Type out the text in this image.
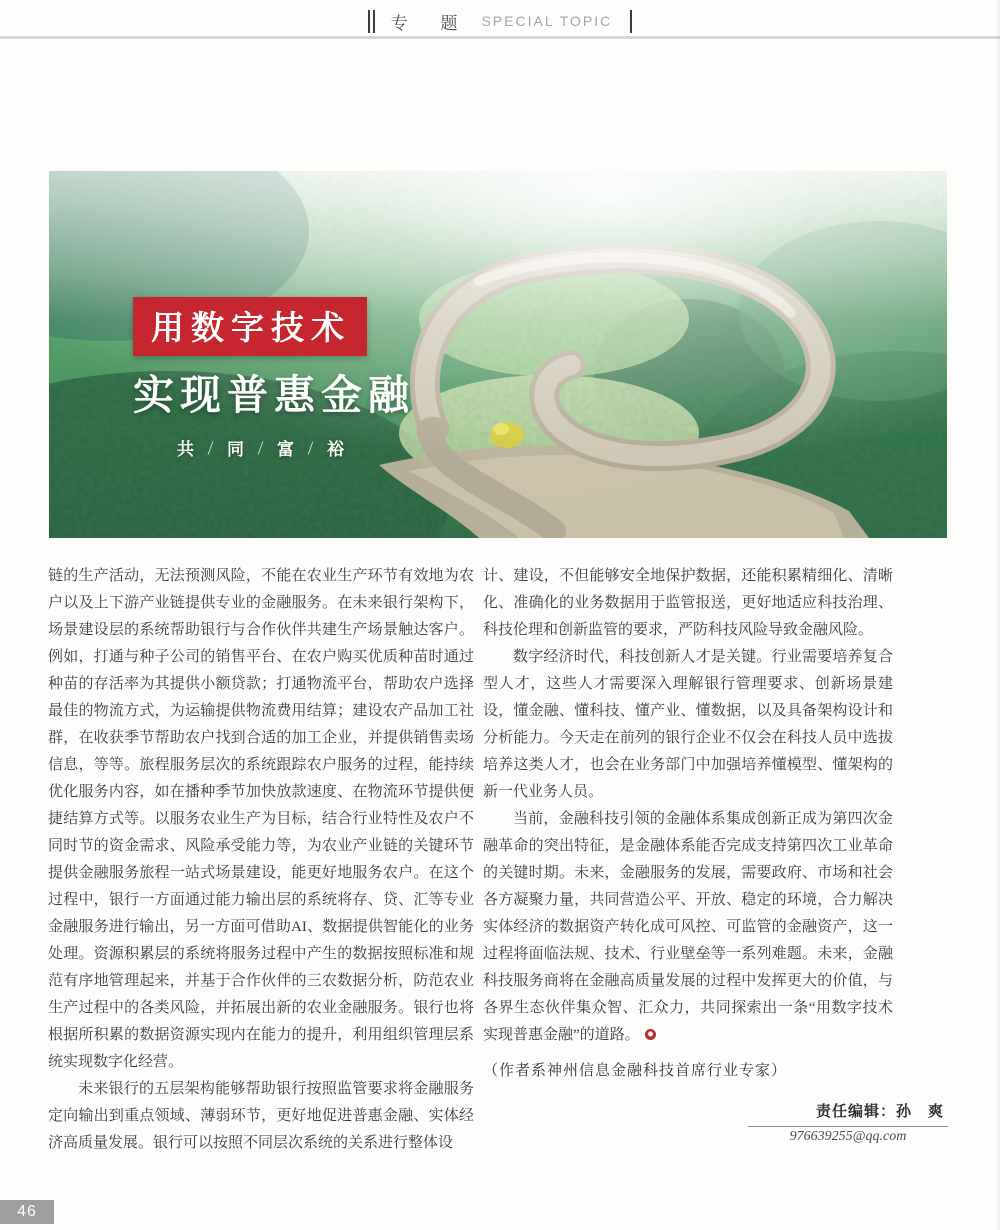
专 题 SPECIAL TOPIC
用数字技术
实现普惠金融
共 同 富 裕

链的生产活动，无法预测风险，不能在农业生产环节有效地为农户以及上下游产业链提供专业的金融服务。在未来银行架构下，场景建设层的系统帮助银行与合作伙伴共建生产场景触达客户。例如，打通与种子公司的销售平台、在农户购买优质种苗时通过种苗的存活率为其提供小额贷款；打通物流平台，帮助农户选择最佳的物流方式，为运输提供物流费用结算；建设农产品加工社群，在收获季节帮助农户找到合适的加工企业，并提供销售卖场信息，等等。旅程服务层次的系统跟踪农户服务的过程，能持续优化服务内容，如在播种季节加快放款速度、在物流环节提供便捷结算方式等。以服务农业生产为目标，结合行业特性及农户不同时节的资金需求、风险承受能力等，为农业产业链的关键环节提供金融服务旅程一站式场景建设，能更好地服务农户。在这个过程中，银行一方面通过能力输出层的系统将存、贷、汇等专业金融服务进行输出，另一方面可借助AI、数据提供智能化的业务处理。资源积累层的系统将服务过程中产生的数据按照标准和规范有序地管理起来，并基于合作伙伴的三农数据分析，防范农业生产过程中的各类风险，并拓展出新的农业金融服务。银行也将根据所积累的数据资源实现内在能力的提升，利用组织管理层系统实现数字化经营。

未来银行的五层架构能够帮助银行按照监管要求将金融服务定向输出到重点领域、薄弱环节，更好地促进普惠金融、实体经济高质量发展。银行可以按照不同层次系统的关系进行整体设

计、建设，不但能够安全地保护数据，还能积累精细化、清晰化、准确化的业务数据用于监管报送，更好地适应科技治理、科技伦理和创新监管的要求，严防科技风险导致金融风险。

数字经济时代，科技创新人才是关键。行业需要培养复合型人才，这些人才需要深入理解银行管理要求、创新场景建设，懂金融、懂科技、懂产业、懂数据，以及具备架构设计和分析能力。今天走在前列的银行企业不仅会在科技人员中选拔培养这类人才，也会在业务部门中加强培养懂模型、懂架构的新一代业务人员。

当前，金融科技引领的金融体系集成创新正成为第四次金融革命的突出特征，是金融体系能否完成支持第四次工业革命的关键时期。未来，金融服务的发展，需要政府、市场和社会各方凝聚力量，共同营造公平、开放、稳定的环境，合力解决实体经济的数据资产转化成可风控、可监管的金融资产，这一过程将面临法规、技术、行业壁垒等一系列难题。未来，金融科技服务商将在金融高质量发展的过程中发挥更大的价值，与各界生态伙伴集众智、汇众力，共同探索出一条“用数字技术实现普惠金融”的道路。

（作者系神州信息金融科技首席行业专家）
责任编辑：孙　爽
976639255@qq.com
46
